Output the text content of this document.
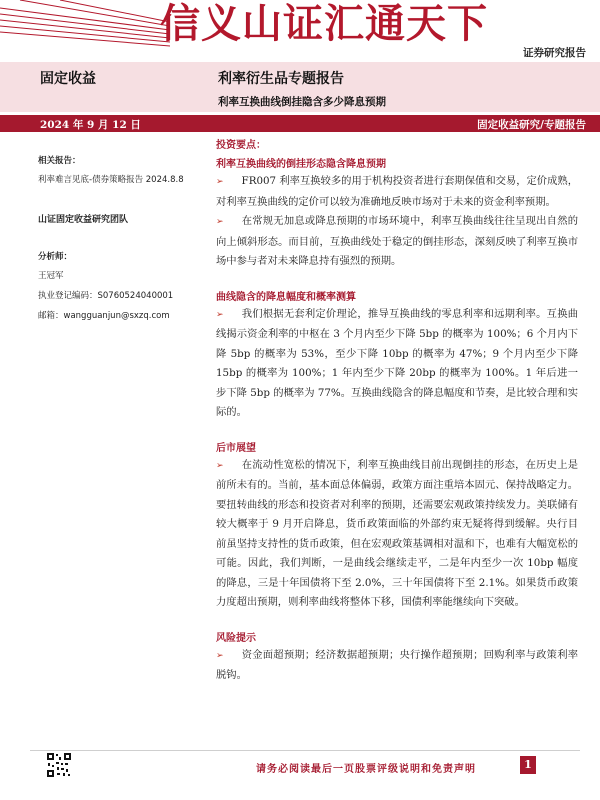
信义山证汇通天下
证券研究报告
固定收益	利率衍生品专题报告
利率互换曲线倒挂隐含多少降息预期
2024 年 9 月 12 日	固定收益研究/专题报告
相关报告：
利率难言见底-债券策略报告 2024.8.8
山证固定收益研究团队
分析师：
王冠军
执业登记编码：S0760524040001
邮箱：wangguanjun@sxzq.com

投资要点：

利率互换曲线的倒挂形态隐含降息预期

➢ FR007 利率互换较多的用于机构投资者进行套期保值和交易，定价成熟，对利率互换曲线的定价可以较为准确地反映市场对于未来的资金利率预期。

➢ 在常规无加息或降息预期的市场环境中，利率互换曲线往往呈现出自然的向上倾斜形态。而目前，互换曲线处于稳定的倒挂形态，深刻反映了利率互换市场中参与者对未来降息持有强烈的预期。

曲线隐含的降息幅度和概率测算

➢ 我们根据无套利定价理论，推导互换曲线的零息利率和远期利率。互换曲线揭示资金利率的中枢在 3 个月内至少下降 5bp 的概率为 100%；6 个月内下降 5bp 的概率为 53%，至少下降 10bp 的概率为 47%；9 个月内至少下降 15bp 的概率为 100%；1 年内至少下降 20bp 的概率为 100%。1 年后进一步下降 5bp 的概率为 77%。互换曲线隐含的降息幅度和节奏，是比较合理和实际的。

后市展望

➢ 在流动性宽松的情况下，利率互换曲线目前出现倒挂的形态，在历史上是前所未有的。当前，基本面总体偏弱，政策方面注重培本固元、保持战略定力。要扭转曲线的形态和投资者对利率的预期，还需要宏观政策持续发力。美联储有较大概率于 9 月开启降息，货币政策面临的外部约束无疑将得到缓解。央行目前虽坚持支持性的货币政策，但在宏观政策基调相对温和下，也难有大幅宽松的可能。因此，我们判断，一是曲线会继续走平，二是年内至少一次 10bp 幅度的降息，三是十年国债将下至 2.0%，三十年国债将下至 2.1%。如果货币政策力度超出预期，则利率曲线将整体下移，国债利率能继续向下突破。

风险提示

➢ 资金面超预期；经济数据超预期；央行操作超预期；回购利率与政策利率脱钩。

请务必阅读最后一页股票评级说明和免责声明	1
